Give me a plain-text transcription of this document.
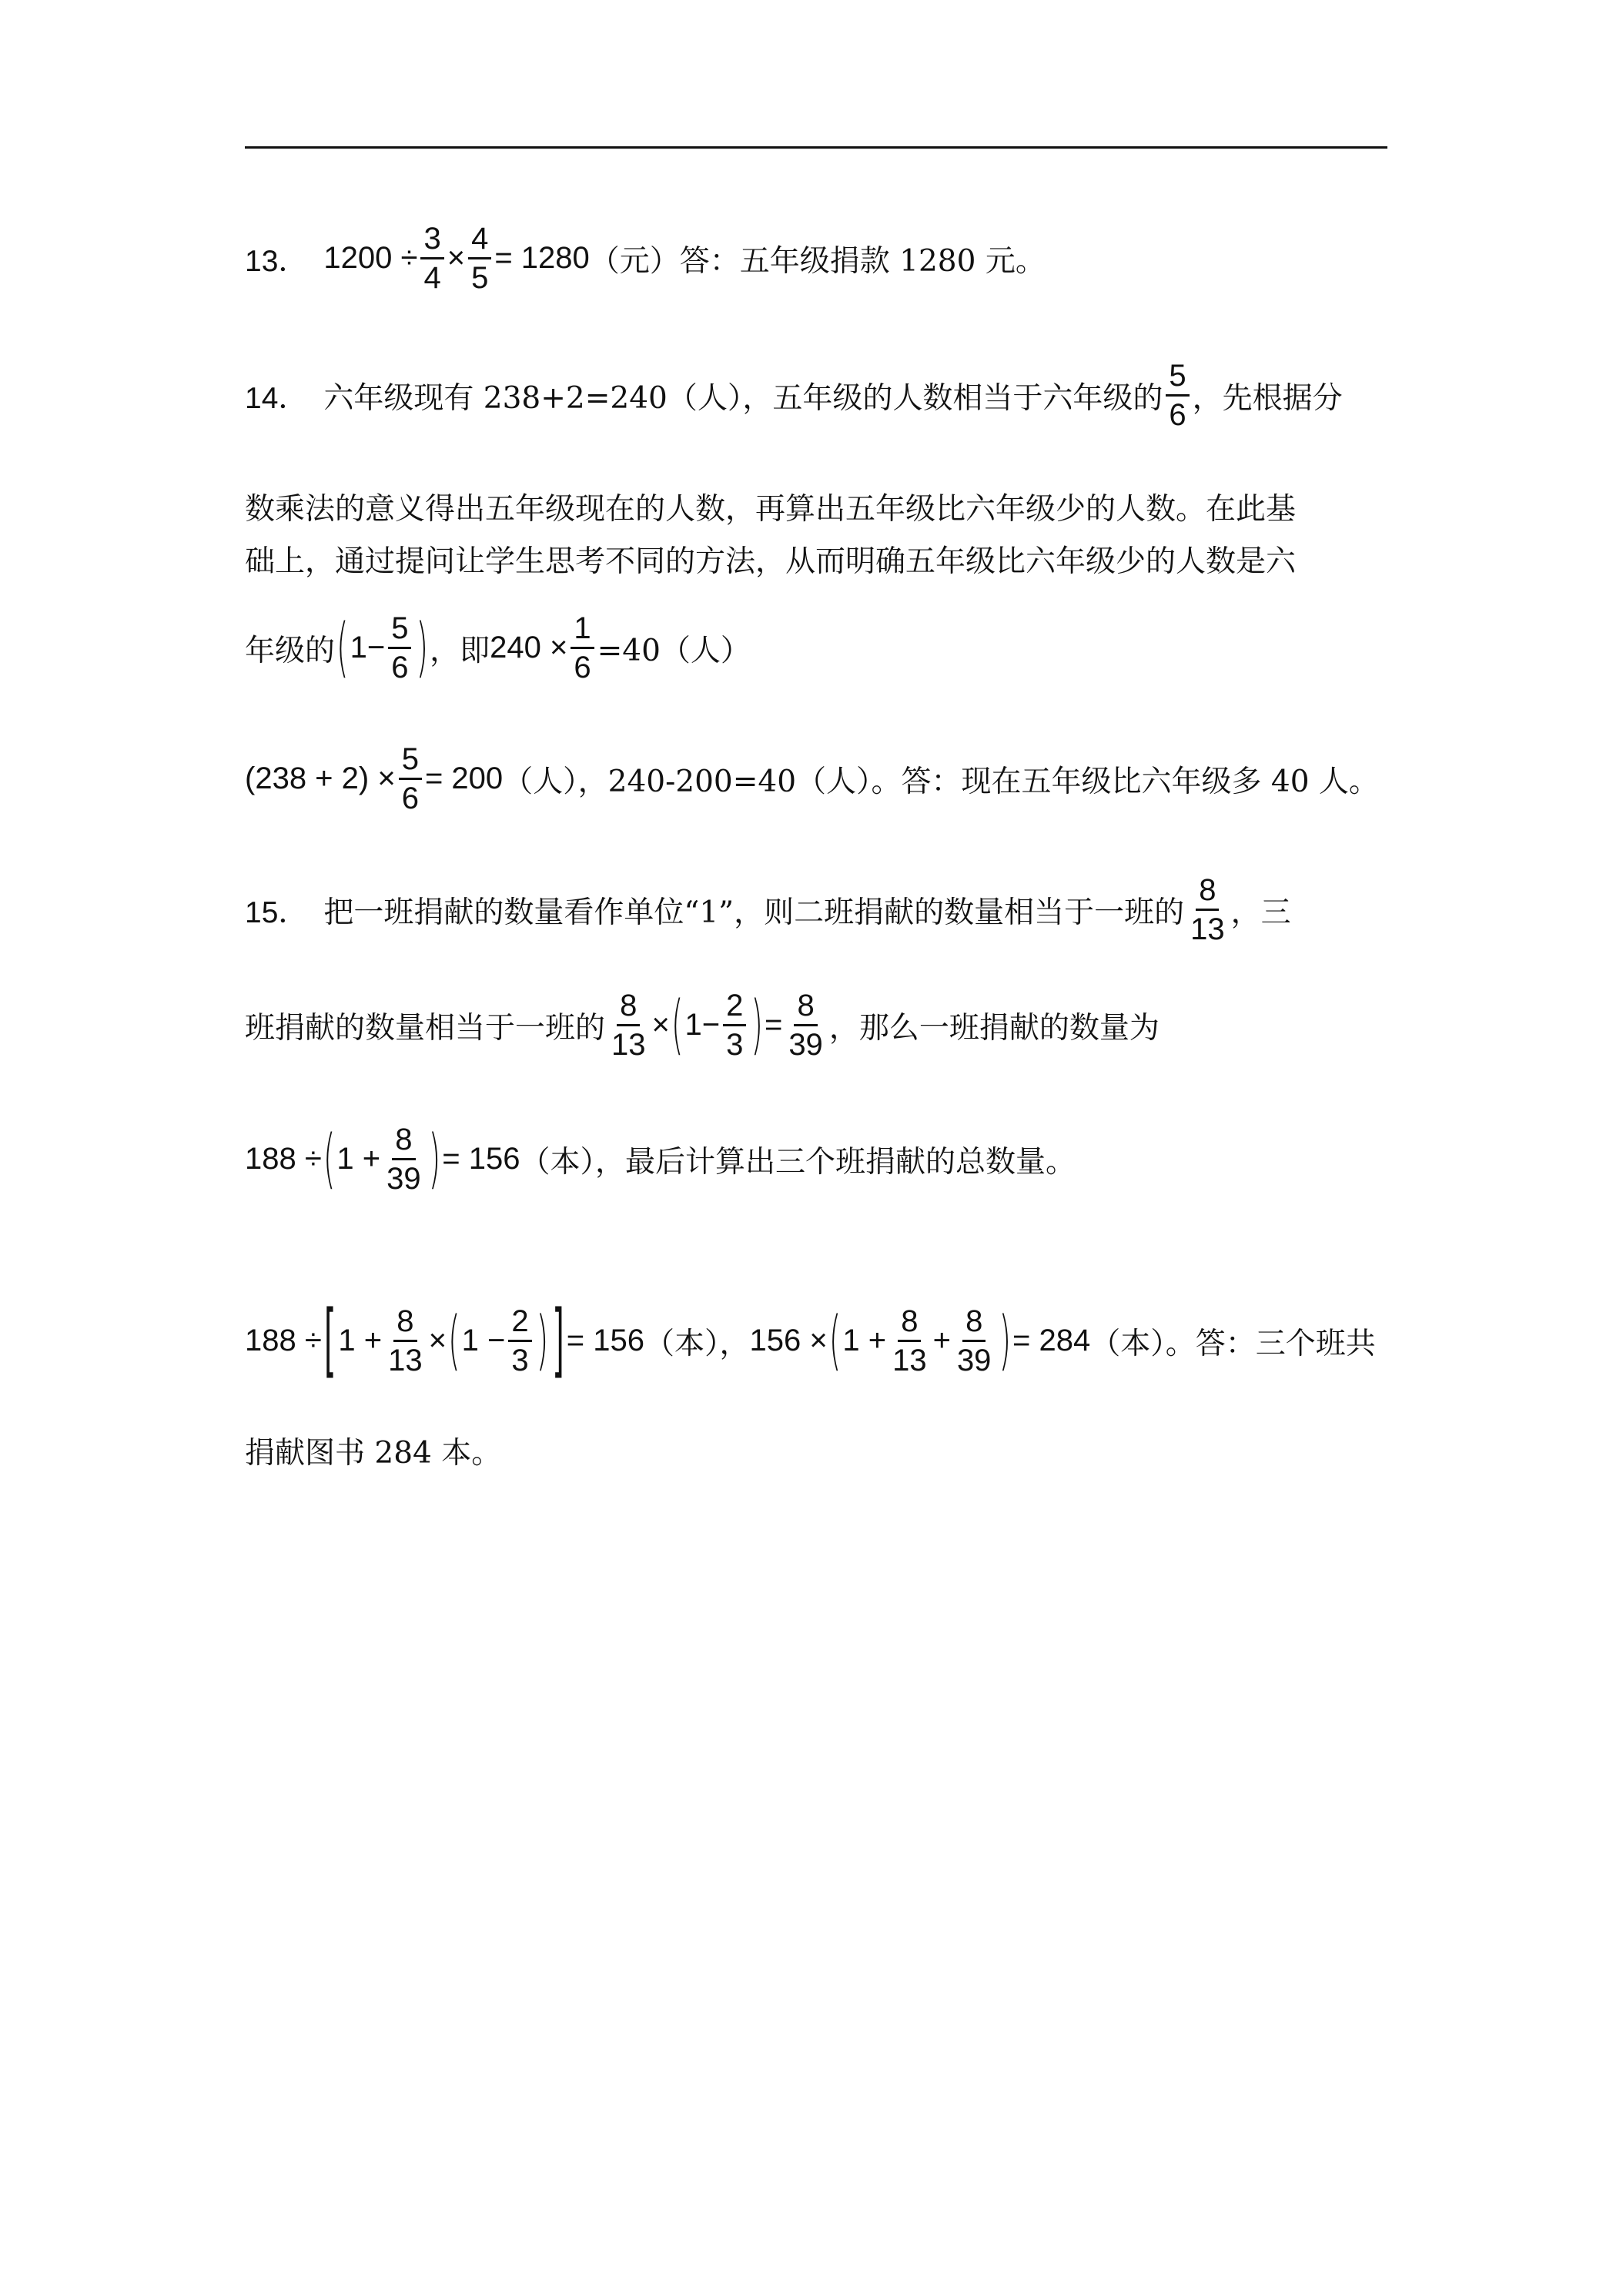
13． $1200 \div \frac{3}{4} \times \frac{4}{5} = 1280$ （元）答：五年级捐款 1280 元。
14． 六年级现有 238+2=240（人），五年级的人数相当于六年级的 $\frac{5}{6}$ ，先根据分
数乘法的意义得出五年级现在的人数，再算出五年级比六年级少的人数。在此基
础上，通过提问让学生思考不同的方法，从而明确五年级比六年级少的人数是六
年级的 ( $1- \frac{5}{6}$ ) ，即 $240 \times \frac{1}{6} =40$（人）
$(238 + 2) \times \frac{5}{6} = 200$ （人），240-200=40（人）。答：现在五年级比六年级多 40 人。
15． 把一班捐献的数量看作单位“1”，则二班捐献的数量相当于一班的 $\frac{8}{13}$ ，三
班捐献的数量相当于一班的 $\frac{8}{13}$ × ( $1- \frac{2}{3}$ ) = $\frac{8}{39}$ ，那么一班捐献的数量为
188 ÷ ( $1 + \frac{8}{39}$ ) = 156 （本），最后计算出三个班捐献的总数量。
188 ÷ [ $1 + \frac{8}{13}$ × ( $1 - \frac{2}{3}$ ) ] = 156 （本）， 156 × ( $1 + \frac{8}{13} + \frac{8}{39}$ ) = 284 （本）。答：三个班共
捐献图书 284 本。
